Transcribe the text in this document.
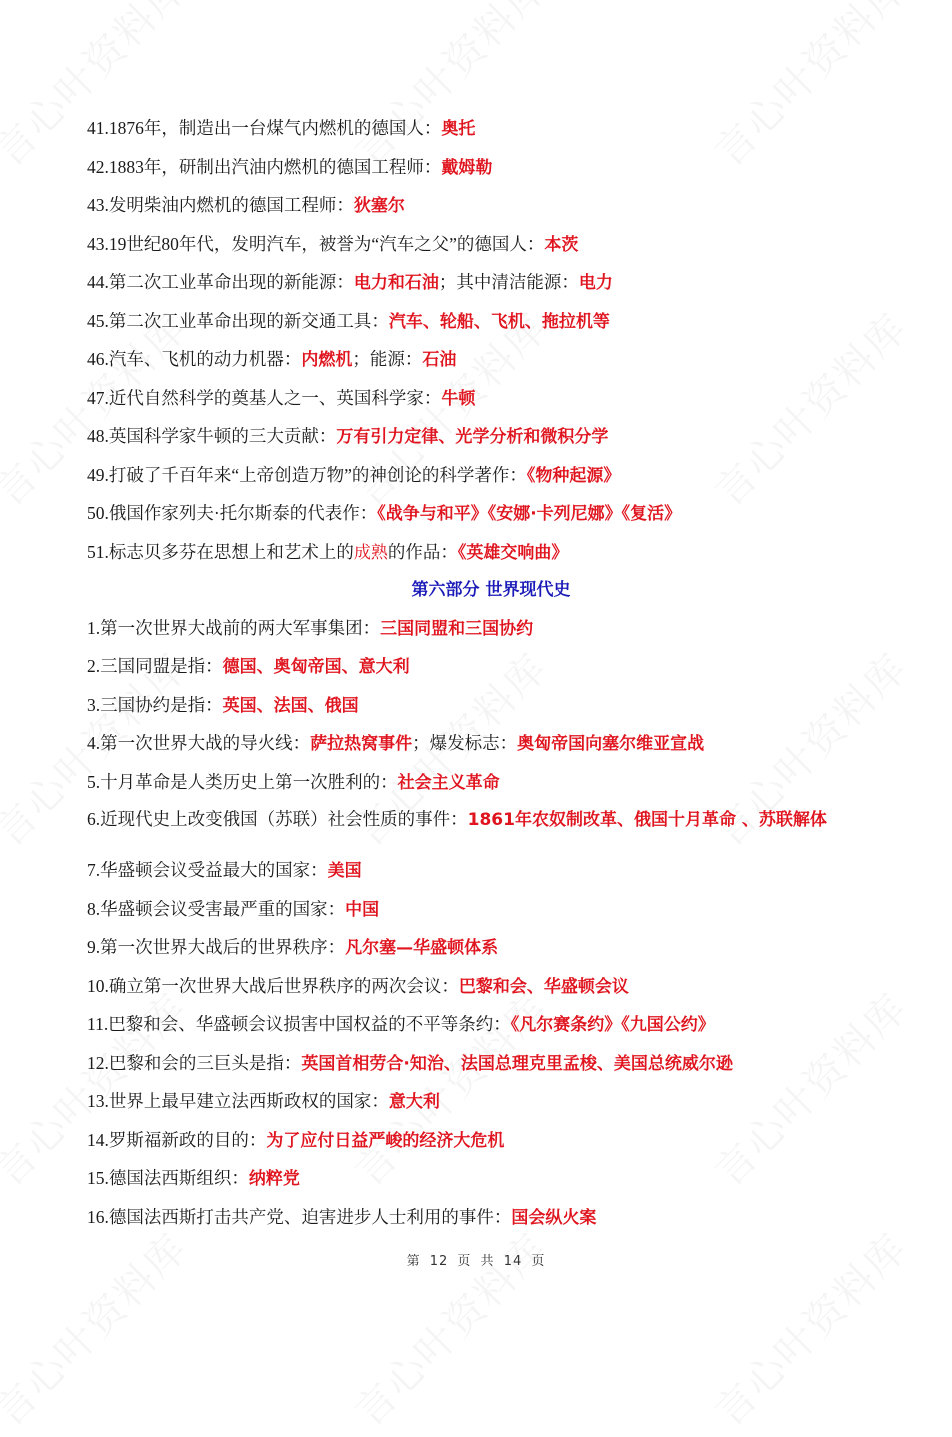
41.1876年，制造出一台煤气内燃机的德国人：奥托
42.1883年，研制出汽油内燃机的德国工程师：戴姆勒
43.发明柴油内燃机的德国工程师：狄塞尔
43.19世纪80年代，发明汽车，被誉为“汽车之父”的德国人：本茨
44.第二次工业革命出现的新能源：电力和石油；其中清洁能源：电力
45.第二次工业革命出现的新交通工具：汽车、轮船、飞机、拖拉机等
46.汽车、飞机的动力机器：内燃机；能源：石油
47.近代自然科学的奠基人之一、英国科学家：牛顿
48.英国科学家牛顿的三大贡献：万有引力定律、光学分析和微积分学
49.打破了千百年来“上帝创造万物”的神创论的科学著作：《物种起源》
50.俄国作家列夫·托尔斯泰的代表作：《战争与和平》《安娜·卡列尼娜》《复活》
51.标志贝多芬在思想上和艺术上的成熟的作品：《英雄交响曲》
第六部分 世界现代史
1.第一次世界大战前的两大军事集团：三国同盟和三国协约
2.三国同盟是指：德国、奥匈帝国、意大利
3.三国协约是指：英国、法国、俄国
4.第一次世界大战的导火线：萨拉热窝事件；爆发标志：奥匈帝国向塞尔维亚宣战
5.十月革命是人类历史上第一次胜利的：社会主义革命
6.近现代史上改变俄国（苏联）社会性质的事件：1861年农奴制改革、俄国十月革命 、苏联解体
7.华盛顿会议受益最大的国家：美国
8.华盛顿会议受害最严重的国家：中国
9.第一次世界大战后的世界秩序：凡尔塞—华盛顿体系
10.确立第一次世界大战后世界秩序的两次会议：巴黎和会、华盛顿会议
11.巴黎和会、华盛顿会议损害中国权益的不平等条约：《凡尔赛条约》《九国公约》
12.巴黎和会的三巨头是指：英国首相劳合·知治、法国总理克里孟梭、美国总统威尔逊
13.世界上最早建立法西斯政权的国家：意大利
14.罗斯福新政的目的：为了应付日益严峻的经济大危机
15.德国法西斯组织：纳粹党
16.德国法西斯打击共产党、迫害进步人士利用的事件：国会纵火案
第 12 页 共 14 页
